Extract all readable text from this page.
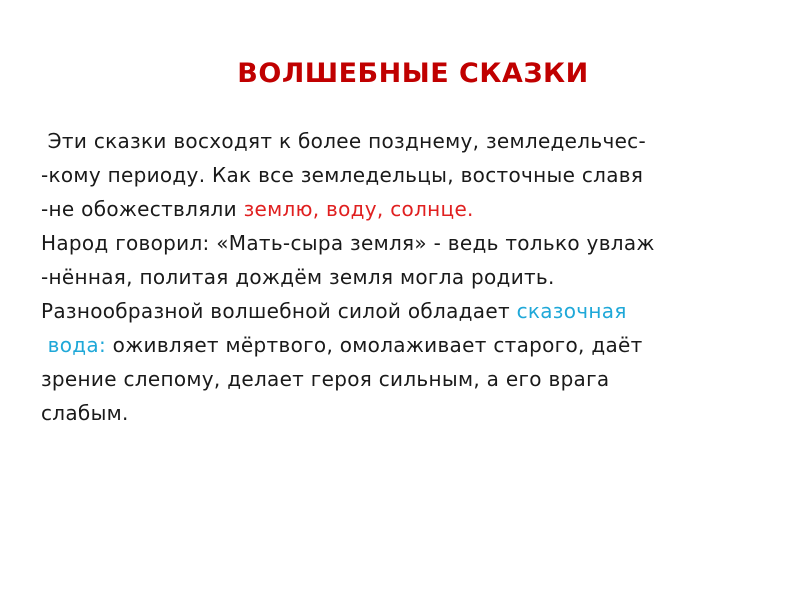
ВОЛШЕБНЫЕ СКАЗКИ
Эти сказки восходят к более позднему, земледельчес-
-кому периоду. Как все земледельцы, восточные славя
-не обожествляли землю, воду, солнце.
Народ говорил: «Мать-сыра земля» - ведь только увлаж
-нённая, политая дождём земля могла родить.
Разнообразной волшебной силой обладает сказочная
вода: оживляет мёртвого, омолаживает старого, даёт
зрение слепому, делает героя сильным, а его врага
слабым.
